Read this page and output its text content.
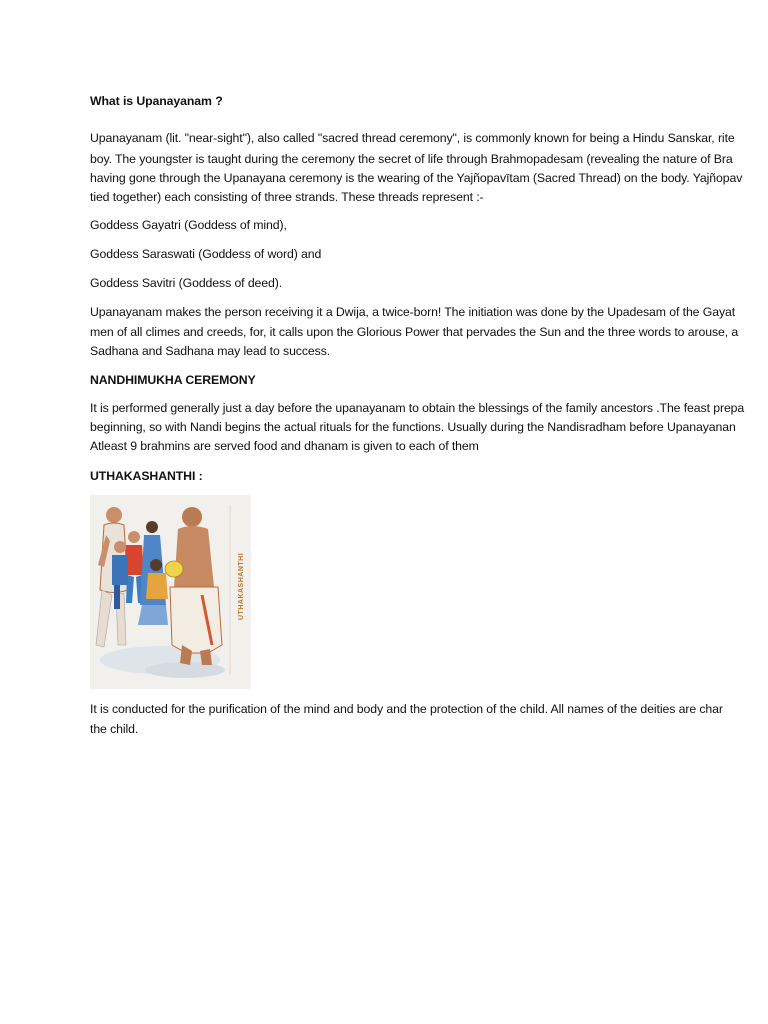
What is Upanayanam ?
Upanayanam (lit. "near-sight"), also called "sacred thread ceremony", is commonly known for being a Hindu Sanskar, rite
boy. The youngster is taught during the ceremony the secret of life through Brahmopadesam (revealing the nature of Bra
having gone through the Upanayana ceremony is the wearing of the Yajñopavītam (Sacred Thread) on the body. Yajñopav
tied together) each consisting of three strands. These threads represent :-
Goddess Gayatri (Goddess of mind),
Goddess Saraswati (Goddess of word) and
Goddess Savitri (Goddess of deed).
Upanayanam makes the person receiving it a Dwija, a twice-born! The initiation was done by the Upadesam of the Gayat
men of all climes and creeds, for, it calls upon the Glorious Power that pervades the Sun and the three words to arouse, a
Sadhana and Sadhana may lead to success.
NANDHIMUKHA CEREMONY
It is performed generally just a day before the upanayanam to obtain the blessings of the family ancestors .The feast prepa
beginning, so with Nandi begins the actual rituals for the functions. Usually during the Nandisradham before Upanayanan
Atleast 9 brahmins are served food and dhanam is given to each of them
UTHAKASHANTHI :
UTHAKASHANTHI
It is conducted for the purification of the mind and body and the protection of the child. All names of the deities are char
the child.
